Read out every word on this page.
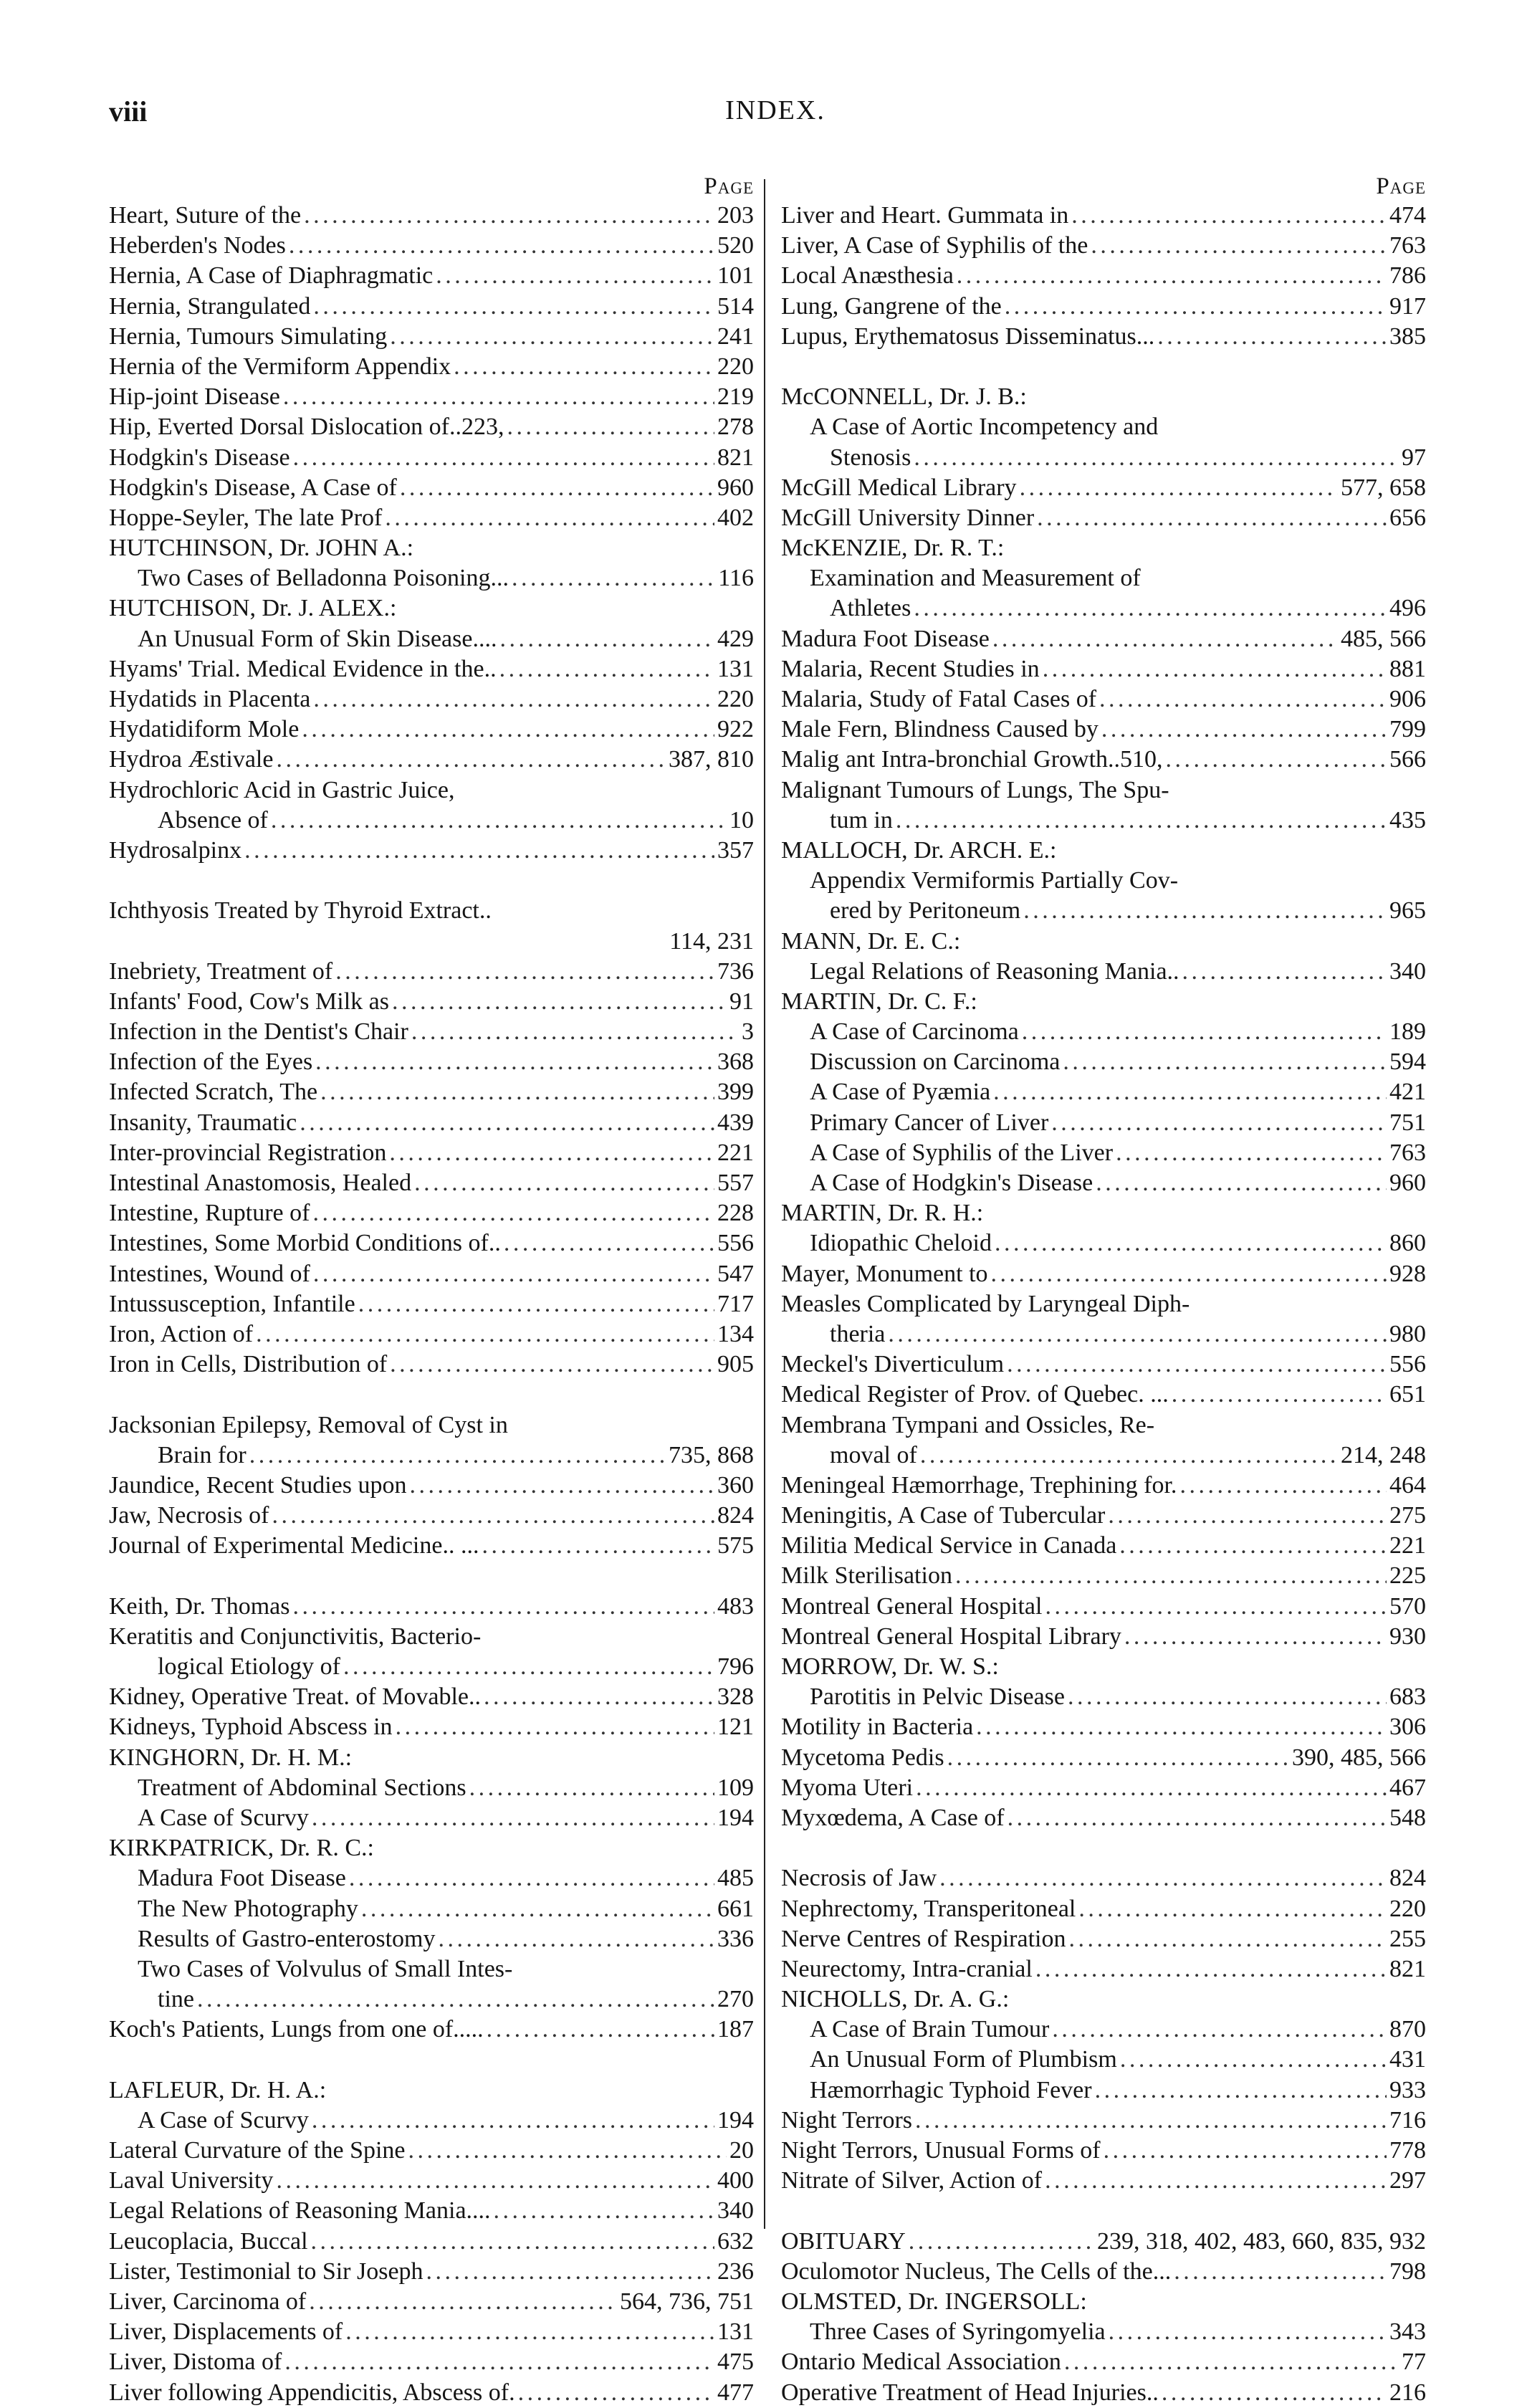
viii	INDEX.
Page
Heart, Suture of the . . .	203
Heberden's Nodes . . .	520
Hernia, A Case of Diaphragmatic . . .	101
Hernia, Strangulated . . .	514
Hernia, Tumours Simulating . . .	241
Hernia of the Vermiform Appendix . . .	220
Hip-joint Disease . . .	219
Hip, Everted Dorsal Dislocation of..223, . . .	278
Hodgkin's Disease . . .	821
Hodgkin's Disease, A Case of . . .	960
Hoppe-Seyler, The late Prof . . .	402
HUTCHINSON, Dr. JOHN A.:
Two Cases of Belladonna Poisoning... . . .	116
HUTCHISON, Dr. J. ALEX.:
An Unusual Form of Skin Disease.... . . .	429
Hyams' Trial. Medical Evidence in the.. . . .	131
Hydatids in Placenta . . .	220
Hydatidiform Mole . . .	922
Hydroa Æstivale . . .	387, 810
Hydrochloric Acid in Gastric Juice,
Absence of . . .	10
Hydrosalpinx . . .	357
Ichthyosis Treated by Thyroid Extract..
114, 231
Inebriety, Treatment of . . .	736
Infants' Food, Cow's Milk as . . .	91
Infection in the Dentist's Chair . . .	3
Infection of the Eyes . . .	368
Infected Scratch, The . . .	399
Insanity, Traumatic . . .	439
Inter-provincial Registration . . .	221
Intestinal Anastomosis, Healed . . .	557
Intestine, Rupture of . . .	228
Intestines, Some Morbid Conditions of.. . . .	556
Intestines, Wound of . . .	547
Intussusception, Infantile . . .	717
Iron, Action of . . .	134
Iron in Cells, Distribution of . . .	905
Jacksonian Epilepsy, Removal of Cyst in
Brain for . . .	735, 868
Jaundice, Recent Studies upon . . .	360
Jaw, Necrosis of . . .	824
Journal of Experimental Medicine.. ... . . .	575
Keith, Dr. Thomas . . .	483
Keratitis and Conjunctivitis, Bacterio-
logical Etiology of . . .	796
Kidney, Operative Treat. of Movable.. . . .	328
Kidneys, Typhoid Abscess in . . .	121
KINGHORN, Dr. H. M.:
Treatment of Abdominal Sections . . .	109
A Case of Scurvy . . .	194
KIRKPATRICK, Dr. R. C.:
Madura Foot Disease . . .	485
The New Photography . . .	661
Results of Gastro-enterostomy . . .	336
Two Cases of Volvulus of Small Intes-
tine . . .	270
Koch's Patients, Lungs from one of..... . . .	187
LAFLEUR, Dr. H. A.:
A Case of Scurvy . . .	194
Lateral Curvature of the Spine . . .	20
Laval University . . .	400
Legal Relations of Reasoning Mania.... . . .	340
Leucoplacia, Buccal . . .	632
Lister, Testimonial to Sir Joseph . . .	236
Liver, Carcinoma of . . .	564, 736, 751
Liver, Displacements of . . .	131
Liver, Distoma of . . .	475
Liver following Appendicitis, Abscess of. . . .	477
Page
Liver and Heart. Gummata in . . .	474
Liver, A Case of Syphilis of the . . .	763
Local Anæsthesia . . .	786
Lung, Gangrene of the . . .	917
Lupus, Erythematosus Disseminatus... . . .	385
McCONNELL, Dr. J. B.:
A Case of Aortic Incompetency and
Stenosis . . .	97
McGill Medical Library . . .	577, 658
McGill University Dinner . . .	656
McKENZIE, Dr. R. T.:
Examination and Measurement of
Athletes . . .	496
Madura Foot Disease . . .	485, 566
Malaria, Recent Studies in . . .	881
Malaria, Study of Fatal Cases of . . .	906
Male Fern, Blindness Caused by . . .	799
Malig ant Intra-bronchial Growth..510, . . .	566
Malignant Tumours of Lungs, The Spu-
tum in . . .	435
MALLOCH, Dr. ARCH. E.:
Appendix Vermiformis Partially Cov-
ered by Peritoneum . . .	965
MANN, Dr. E. C.:
Legal Relations of Reasoning Mania.. . . .	340
MARTIN, Dr. C. F.:
A Case of Carcinoma . . .	189
Discussion on Carcinoma . . .	594
A Case of Pyæmia . . .	421
Primary Cancer of Liver . . .	751
A Case of Syphilis of the Liver . . .	763
A Case of Hodgkin's Disease . . .	960
MARTIN, Dr. R. H.:
Idiopathic Cheloid . . .	860
Mayer, Monument to . . .	928
Measles Complicated by Laryngeal Diph-
theria . . .	980
Meckel's Diverticulum . . .	556
Medical Register of Prov. of Quebec. ... . . .	651
Membrana Tympani and Ossicles, Re-
moval of . . .	214, 248
Meningeal Hæmorrhage, Trephining for. . . .	464
Meningitis, A Case of Tubercular . . .	275
Militia Medical Service in Canada . . .	221
Milk Sterilisation . . .	225
Montreal General Hospital . . .	570
Montreal General Hospital Library . . .	930
MORROW, Dr. W. S.:
Parotitis in Pelvic Disease . . .	683
Motility in Bacteria . . .	306
Mycetoma Pedis . . .	390, 485, 566
Myoma Uteri . . .	467
Myxœdema, A Case of . . .	548
Necrosis of Jaw . . .	824
Nephrectomy, Transperitoneal . . .	220
Nerve Centres of Respiration . . .	255
Neurectomy, Intra-cranial . . .	821
NICHOLLS, Dr. A. G.:
A Case of Brain Tumour . . .	870
An Unusual Form of Plumbism . . .	431
Hæmorrhagic Typhoid Fever . . .	933
Night Terrors . . .	716
Night Terrors, Unusual Forms of . . .	778
Nitrate of Silver, Action of . . .	297
OBITUARY . . .	239, 318, 402, 483, 660, 835, 932
Oculomotor Nucleus, The Cells of the... . . .	798
OLMSTED, Dr. INGERSOLL:
Three Cases of Syringomyelia . . .	343
Ontario Medical Association . . .	77
Operative Treatment of Head Injuries.. . . .	216
